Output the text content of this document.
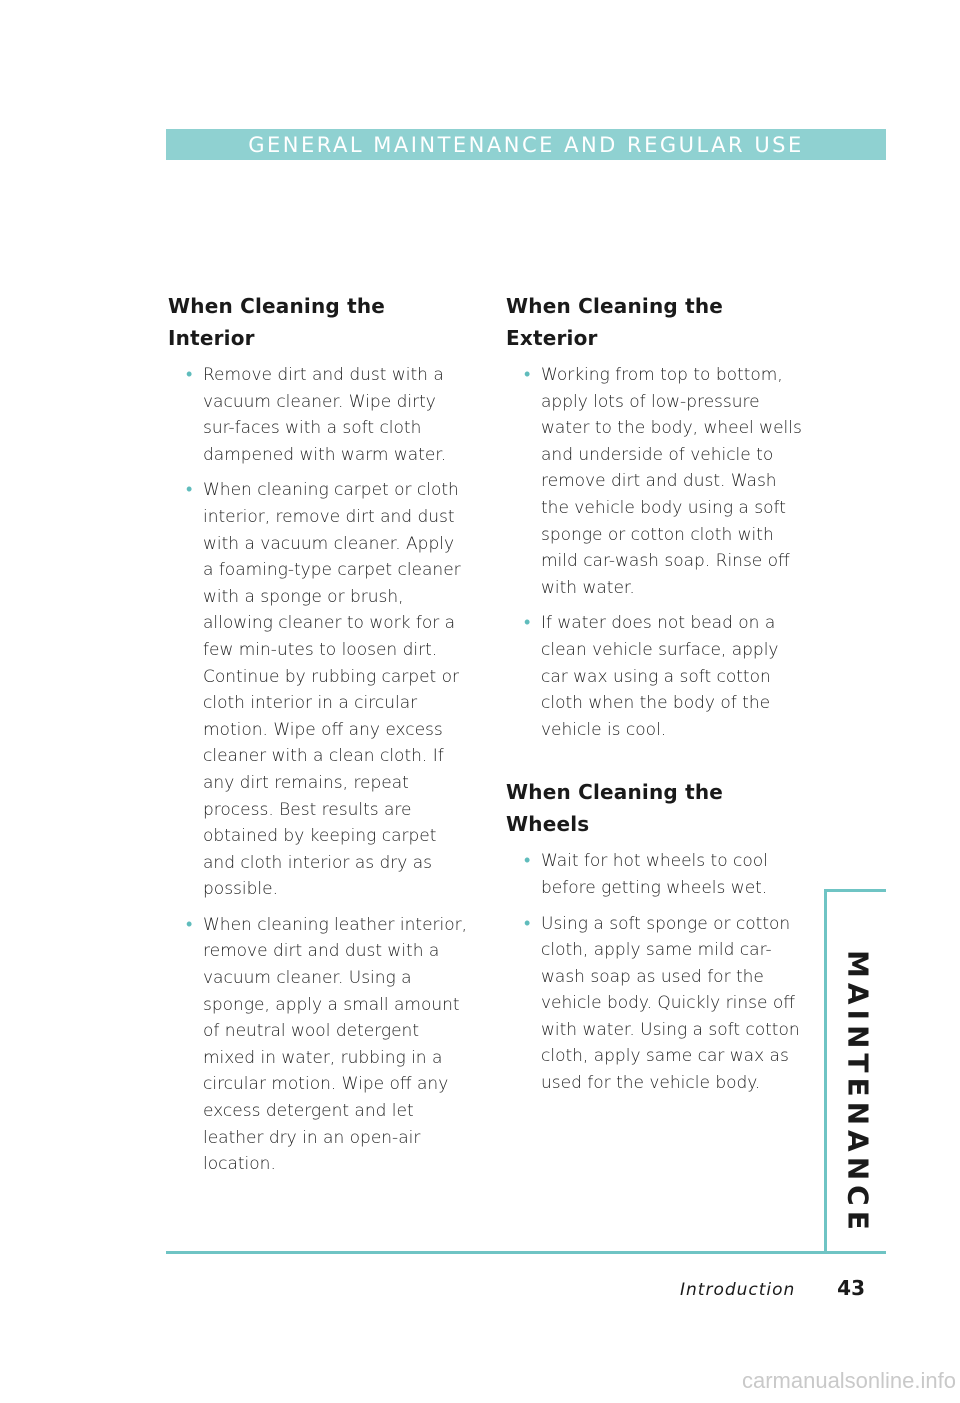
GENERAL MAINTENANCE AND REGULAR USE
When Cleaning the Interior
• Remove dirt and dust with a vacuum cleaner. Wipe dirty sur-faces with a soft cloth dampened with warm water.
• When cleaning carpet or cloth interior, remove dirt and dust with a vacuum cleaner. Apply a foaming-type carpet cleaner with a sponge or brush, allowing cleaner to work for a few min-utes to loosen dirt. Continue by rubbing carpet or cloth interior in a circular motion. Wipe off any excess cleaner with a clean cloth. If any dirt remains, repeat process. Best results are obtained by keeping carpet and cloth interior as dry as possible.
• When cleaning leather interior, remove dirt and dust with a vacuum cleaner. Using a sponge, apply a small amount of neutral wool detergent mixed in water, rubbing in a circular motion. Wipe off any excess detergent and let leather dry in an open-air location.
When Cleaning the Exterior
• Working from top to bottom, apply lots of low-pressure water to the body, wheel wells and underside of vehicle to remove dirt and dust. Wash the vehicle body using a soft sponge or cotton cloth with mild car-wash soap. Rinse off with water.
• If water does not bead on a clean vehicle surface, apply car wax using a soft cotton cloth when the body of the vehicle is cool.
When Cleaning the Wheels
• Wait for hot wheels to cool before getting wheels wet.
• Using a soft sponge or cotton cloth, apply same mild car-wash soap as used for the vehicle body. Quickly rinse off with water. Using a soft cotton cloth, apply same car wax as used for the vehicle body.	MAINTENANCE
Introduction	43
carmanualsonline.info
